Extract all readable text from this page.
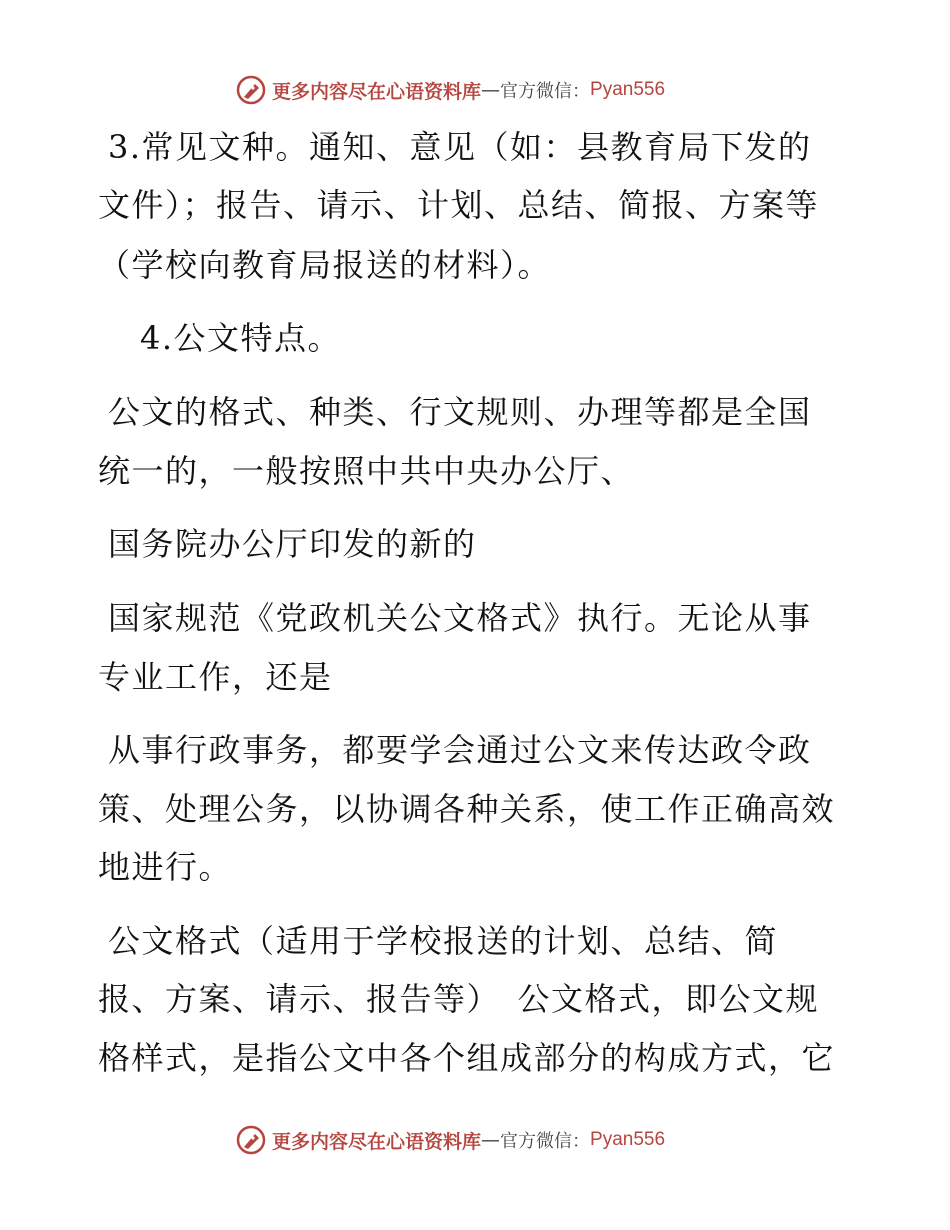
更多内容尽在心语资料库 — 官方微信： Pyan556
3.常见文种。通知、意见（如：县教育局下发的
文件）；报告、请示、计划、总结、简报、方案等
（学校向教育局报送的材料）。
4.公文特点。
公文的格式、种类、行文规则、办理等都是全国
统一的，一般按照中共中央办公厅、
国务院办公厅印发的新的
国家规范《党政机关公文格式》执行。无论从事
专业工作，还是
从事行政事务，都要学会通过公文来传达政令政
策、处理公务，以协调各种关系，使工作正确高效
地进行。
公文格式（适用于学校报送的计划、总结、简
报、方案、请示、报告等）　公文格式，即公文规
格样式，是指公文中各个组成部分的构成方式，它
更多内容尽在心语资料库 — 官方微信： Pyan556
